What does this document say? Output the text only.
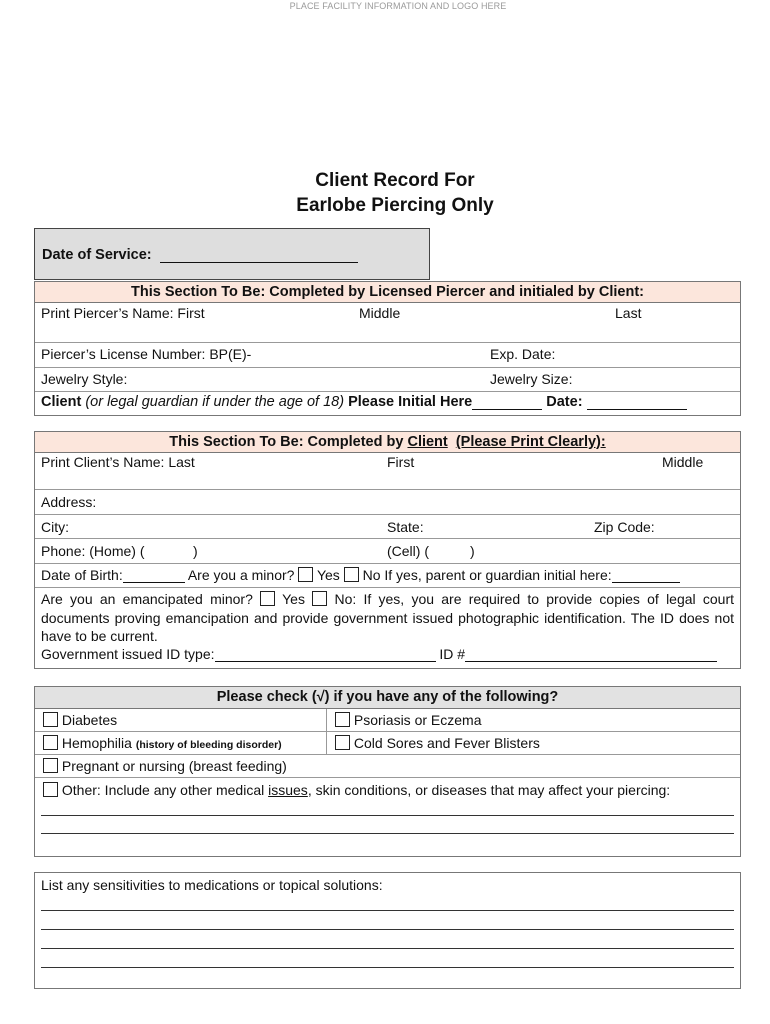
PLACE FACILITY INFORMATION AND LOGO HERE
Client Record For
Earlobe Piercing Only
Date of Service:
This Section To Be: Completed by Licensed Piercer and initialed by Client:
Print Piercer’s Name: First	Middle	Last
Piercer’s License Number: BP(E)-	Exp. Date:
Jewelry Style:	Jewelry Size:
Client (or legal guardian if under the age of 18) Please Initial Here	Date:
This Section To Be: Completed by Client (Please Print Clearly):
Print Client’s Name: Last	First	Middle
Address:
City:	State:	Zip Code:
Phone: (Home) (	)	(Cell) (	)
Date of Birth:	Are you a minor? Yes No If yes, parent or guardian initial here:
Are you an emancipated minor? Yes No: If yes, you are required to provide copies of legal court documents proving emancipation and provide government issued photographic identification. The ID does not have to be current.
Government issued ID type:	ID #
Please check (√) if you have any of the following?
Diabetes	Psoriasis or Eczema
Hemophilia (history of bleeding disorder)	Cold Sores and Fever Blisters
Pregnant or nursing (breast feeding)
Other: Include any other medical issues, skin conditions, or diseases that may affect your piercing:
List any sensitivities to medications or topical solutions:
